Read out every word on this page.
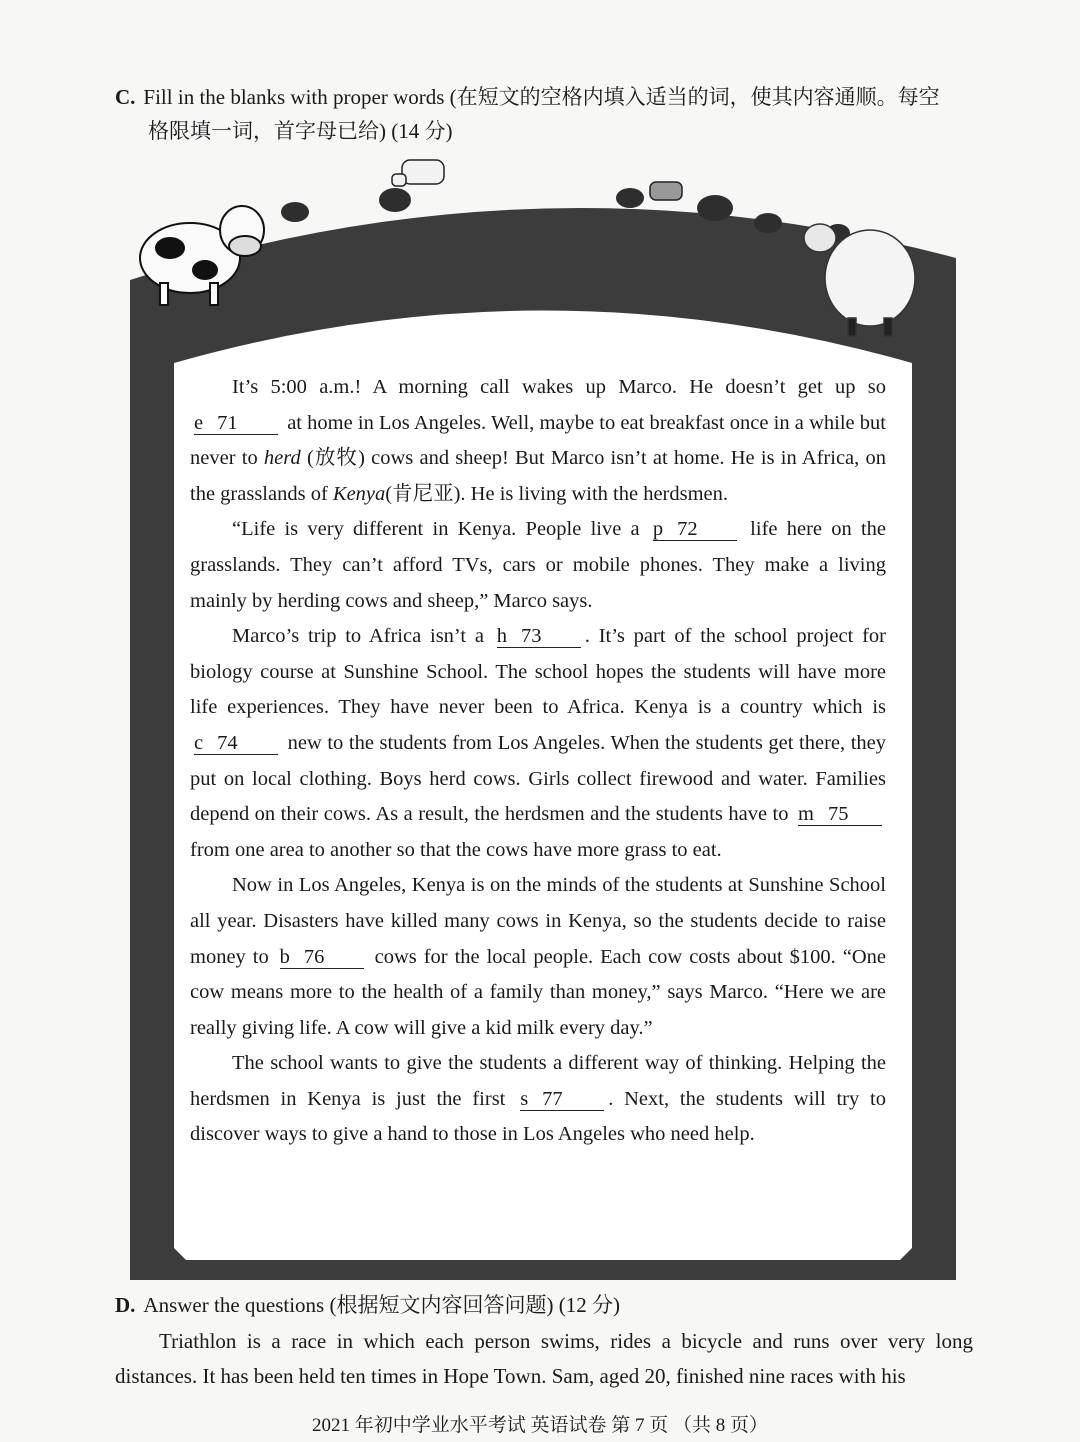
C. Fill in the blanks with proper words (在短文的空格内填入适当的词，使其内容通顺。每空
格限填一词，首字母已给) (14 分)

It’s 5:00 a.m.! A morning call wakes up Marco. He doesn’t get up so e 71 at home in Los Angeles. Well, maybe to eat breakfast once in a while but never to herd (放牧) cows and sheep! But Marco isn’t at home. He is in Africa, on the grasslands of Kenya(肯尼亚). He is living with the herdsmen.

“Life is very different in Kenya. People live a p 72	life here on the grasslands. They can’t afford TVs, cars or mobile phones. They make a living mainly by herding cows and sheep,” Marco says.

Marco’s trip to Africa isn’t a h 73 . It’s part of the school project for biology course at Sunshine School. The school hopes the students will have more life experiences. They have never been to Africa. Kenya is a country which is c 74 new to the students from Los Angeles. When the students get there, they put on local clothing. Boys herd cows. Girls collect firewood and water. Families depend on their cows. As a result, the herdsmen and the students have to m 75 from one area to another so that the cows have more grass to eat.

Now in Los Angeles, Kenya is on the minds of the students at Sunshine School all year. Disasters have killed many cows in Kenya, so the students decide to raise money to b 76 cows for the local people. Each cow costs about $100. “One cow means more to the health of a family than money,” says Marco. “Here we are really giving life. A cow will give a kid milk every day.”

The school wants to give the students a different way of thinking. Helping the herdsmen in Kenya is just the first s 77 . Next, the students will try to discover ways to give a hand to those in Los Angeles who need help.

D. Answer the questions (根据短文内容回答问题) (12 分)

Triathlon is a race in which each person swims, rides a bicycle and runs over very long distances. It has been held ten times in Hope Town. Sam, aged 20, finished nine races with his

2021 年初中学业水平考试 英语试卷 第 7 页 （共 8 页）
